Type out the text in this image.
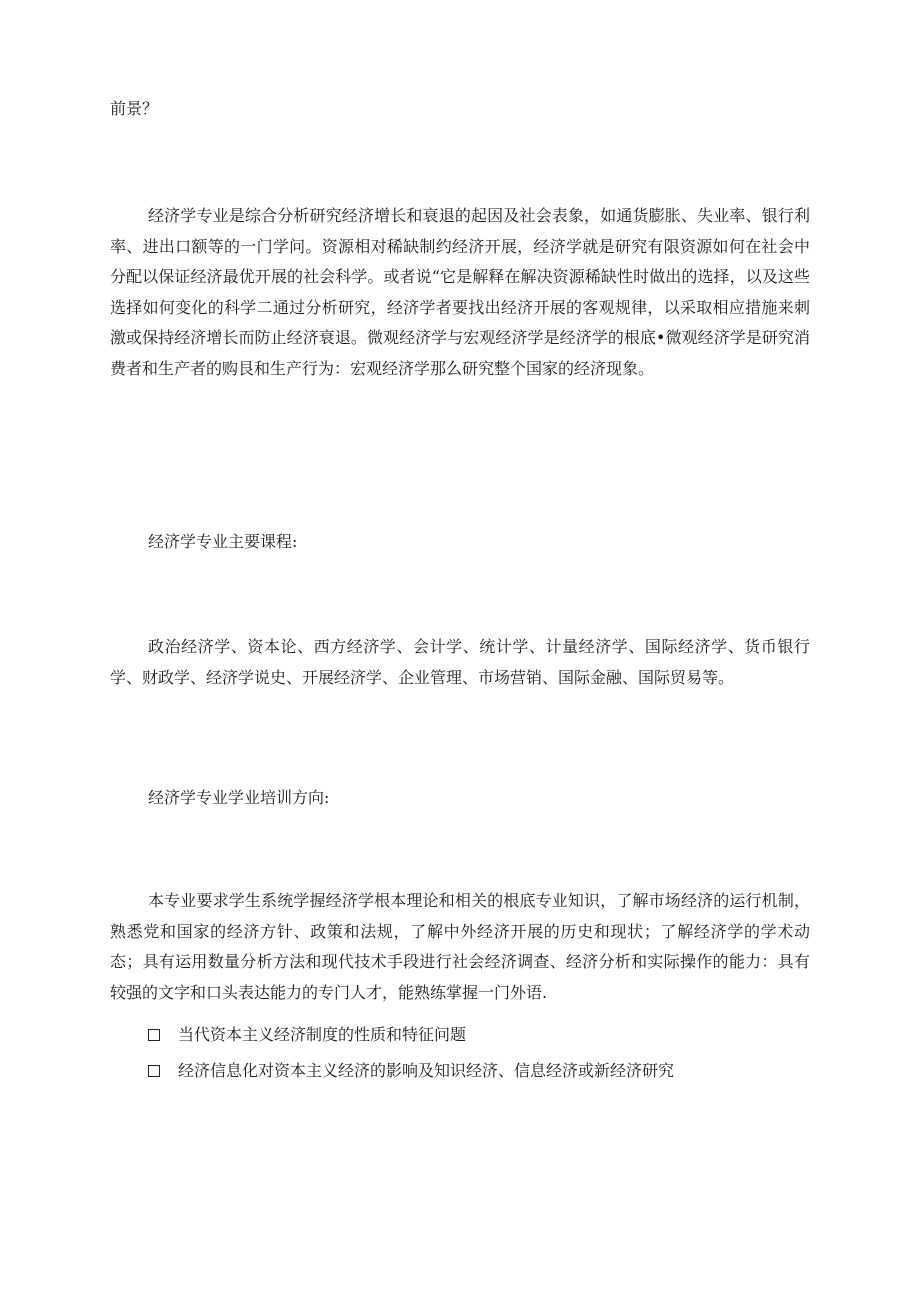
前景？

经济学专业是综合分析研究经济增长和衰退的起因及社会表象，如通货膨胀、失业率、银行利率、进出口额等的一门学问。资源相对稀缺制约经济开展，经济学就是研究有限资源如何在社会中分配以保证经济最优开展的社会科学。或者说“它是解释在解决资源稀缺性时做出的选择，以及这些选择如何变化的科学二通过分析研究，经济学者要找出经济开展的客观规律，以采取相应措施来刺激或保持经济增长而防止经济衰退。微观经济学与宏观经济学是经济学的根底•微观经济学是研究消费者和生产者的购艮和生产行为：宏观经济学那么研究整个国家的经济现象。

经济学专业主要课程:

政治经济学、资本论、西方经济学、会计学、统计学、计量经济学、国际经济学、货币银行学、财政学、经济学说史、开展经济学、企业管理、市场营销、国际金融、国际贸易等。

经济学专业学业培训方向:

本专业要求学生系统学握经济学根本理论和相关的根底专业知识，了解市场经济的运行机制，熟悉党和国家的经济方针、政策和法规，了解中外经济开展的历史和现状；了解经济学的学术动态；具有运用数量分析方法和现代技术手段进行社会经济调查、经济分析和实际操作的能力：具有较强的文字和口头表达能力的专门人才，能熟练掌握一门外语.

当代资本主义经济制度的性质和特征问题
经济信息化对资本主义经济的影响及知识经济、信息经济或新经济研究
